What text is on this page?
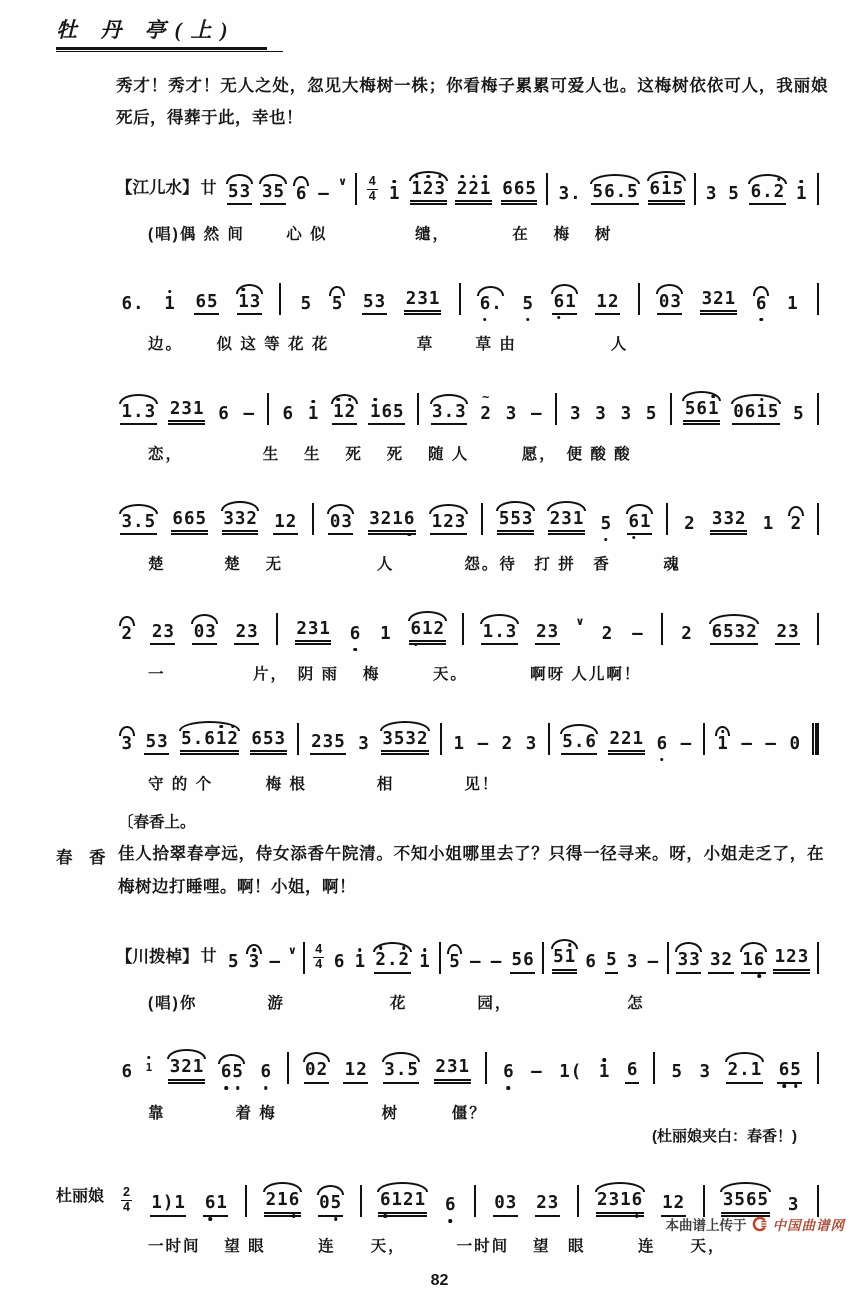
牡 丹 亭(上)

秀才！秀才！无人之处，忽见大梅树一株；你看梅子累累可爱人也。这梅树依依可人，我丽娘死后，得葬于此，幸也！

【江儿水】 廿 5 3 3 5 6 –
∨ 4
4 1 1 2 3 2 2 1 6 6 5 3 . 5 6 . 5 6 1 5 3 5 6 . 2 1
(唱)偶 然 间　　 心 似　　　　　缱，　　　　在　 梅　 树
6 . 1 6 5 1 3 5 5 5 3 2 3 1 6 . 5 6 1 1 2 0 3 3 2 1 6 1
边。　　 似 这 等 花 花　　　　　草　　 草 由　　　　　 人
1 . 3 2 3 1 6 – 6 1 1 2 1 6 5 3 . 3 2 ~ 3 – 3 3 3 5 5 6 1 0 6 1 5 5
恋，　　　　　生　 生　 死　 死　 随 人　　　愿，　便 酸 酸
3 . 5 6 6 5 3 3 2 1 2 0 3 3 2 1 6 1 2 3 5 5 3 2 3 1 5 6 1 2 3 3 2 1 2
楚　　　 楚　 无　　　　　 人　　　　怨。待　打 拼　香　　　魂
2 2 3 0 3 2 3 2 3 1 6 1 6 1 2 1 . 3 2 3 ∨
2 – 2 6 5 3 2 2 3
一　　　　　片，　阴 雨　 梅　　　天。　　　　啊呀 人儿啊！
3 5 3 5 . 6 1 2 6 5 3 2 3 5 3 3 5 3 2 1 – 2 3 5 . 6 2 2 1 6 – 1 – – 0
守 的 个　　　梅 根　　　　相　　　　见！

〔春香上。

春　香 佳人拾翠春亭远，侍女添香午院清。不知小姐哪里去了？只得一径寻来。呀，小姐走乏了，在梅树边打睡哩。啊！小姐，啊！

【川拨棹】 廿 5 3 –
∨ 4
4 6 1 2 . 2 1 5 – – 5 6 5 1 6 5 3 – 3 3 3 2 1 6 1 2 3
(唱)你　　　　游　　　　　　花　　　　园，　　　　　　　怎
6 1 3 2 1 6 5 6 0 2 1 2 3 . 5 2 3 1 6 – 1 ( 1 6 5 3 2 . 1 6 5
靠　　　　着 梅　　　　　　树　　　僵？

(杜丽娘夹白：春香！)

杜丽娘 2
4 1 ) 1 6 1 2 1 6 0 5 6 1 2 1 6 0 3 2 3 2 3 1 6 1 2 3 5 6 5 3
一时间　 望 眼　　　连　　天，　　　 一时间　 望　眼　　　连　　天，
82
本曲谱上传于 中国曲谱网
